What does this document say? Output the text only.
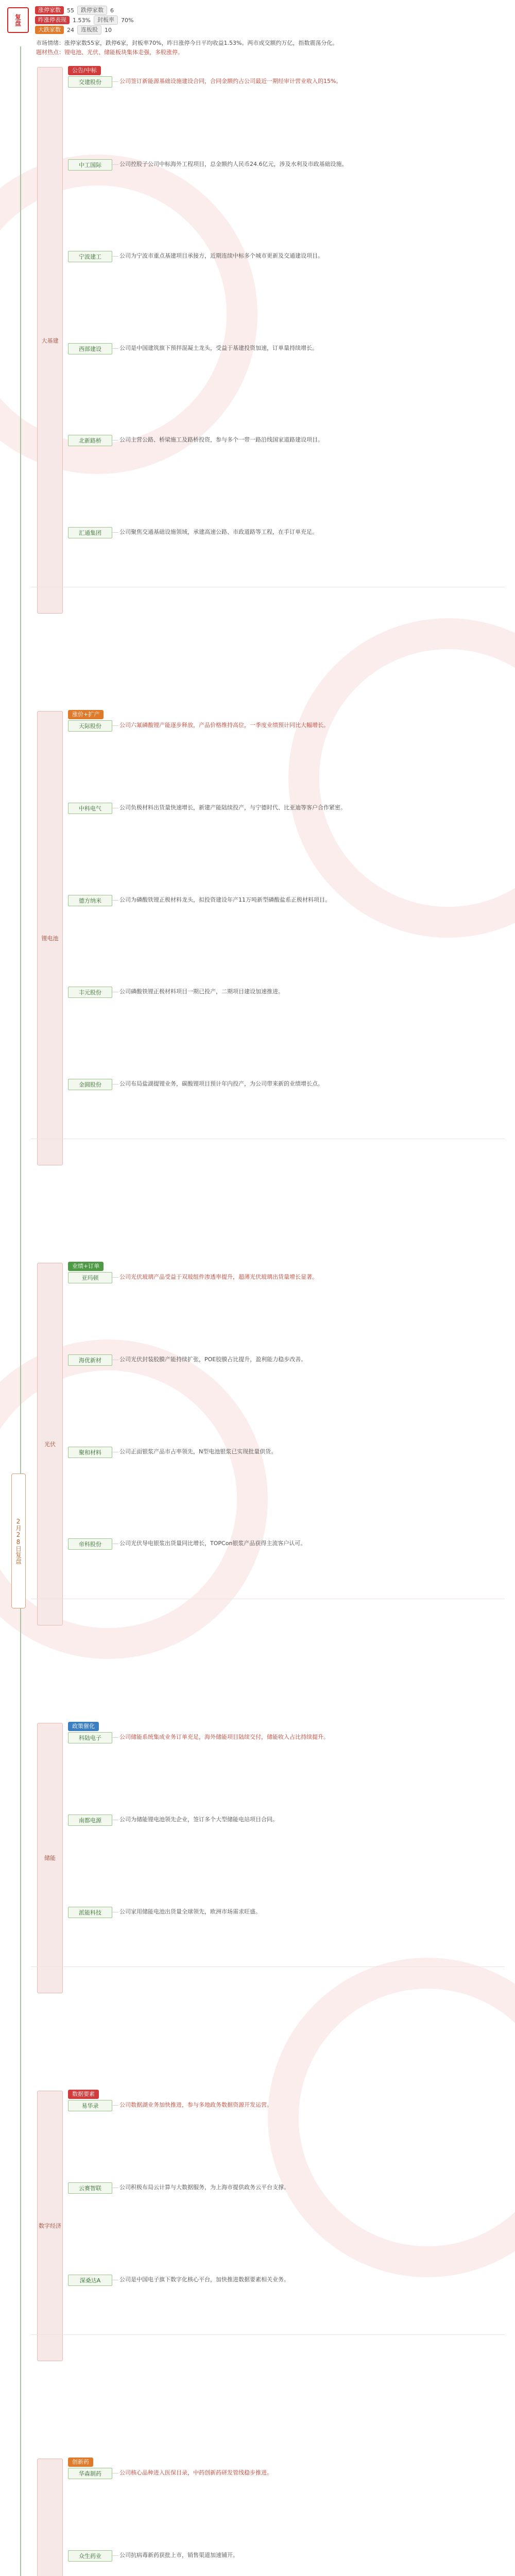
复盘
涨停家数	55	跌停家数	6
昨涨停表现	1.53%	封板率	70%
大跌家数	24	连板股	10
市场情绪：涨停家数55家，跌停6家，封板率70%，昨日涨停今日平均收益1.53%。两市成交额约万亿，指数震荡分化。
题材热点：锂电池、光伏、储能板块集体走强，多股涨停。
2月28日复盘
大基建
公告/中标
交建股份	公司签订新能源基础设施建设合同，合同金额约占公司最近一期经审计营业收入的15%。
中工国际	公司控股子公司中标海外工程项目，总金额约人民币24.6亿元，涉及水利及市政基础设施。
宁波建工	公司为宁波市重点基建项目承接方，近期连续中标多个城市更新及交通建设项目。
西部建设	公司是中国建筑旗下预拌混凝土龙头，受益于基建投资加速，订单量持续增长。
北新路桥	公司主营公路、桥梁施工及路桥投资，参与多个一带一路沿线国家道路建设项目。
汇通集团	公司聚焦交通基础设施领域，承建高速公路、市政道路等工程，在手订单充足。
锂电池
涨价+扩产
天际股份	公司六氟磷酸锂产能逐步释放，产品价格维持高位，一季度业绩预计同比大幅增长。
中科电气	公司负极材料出货量快速增长，新建产能陆续投产，与宁德时代、比亚迪等客户合作紧密。
德方纳米	公司为磷酸铁锂正极材料龙头，拟投资建设年产11万吨新型磷酸盐系正极材料项目。
丰元股份	公司磷酸铁锂正极材料项目一期已投产，二期项目建设加速推进。
金圆股份	公司布局盐湖提锂业务，碳酸锂项目预计年内投产，为公司带来新的业绩增长点。
光伏
业绩+订单
亚玛顿	公司光伏玻璃产品受益于双玻组件渗透率提升，超薄光伏玻璃出货量增长显著。
海优新材	公司光伏封装胶膜产能持续扩张，POE胶膜占比提升，盈利能力稳步改善。
聚和材料	公司正面银浆产品市占率领先，N型电池银浆已实现批量供货。
帝科股份	公司光伏导电银浆出货量同比增长，TOPCon银浆产品获得主流客户认可。
储能
政策催化
科陆电子	公司储能系统集成业务订单充足，海外储能项目陆续交付，储能收入占比持续提升。
南都电源	公司为储能锂电池领先企业，签订多个大型储能电站项目合同。
派能科技	公司家用储能电池出货量全球领先，欧洲市场需求旺盛。
数字经济
数据要素
易华录	公司数据湖业务加快推进，参与多地政务数据资源开发运营。
云赛智联	公司积极布局云计算与大数据服务，为上海市提供政务云平台支撑。
深桑达A	公司是中国电子旗下数字化核心平台，加快推进数据要素相关业务。
创新药
华森制药	公司核心品种进入医保目录，中药创新药研发管线稳步推进。
众生药业	公司抗病毒新药获批上市，销售渠道加速铺开。
